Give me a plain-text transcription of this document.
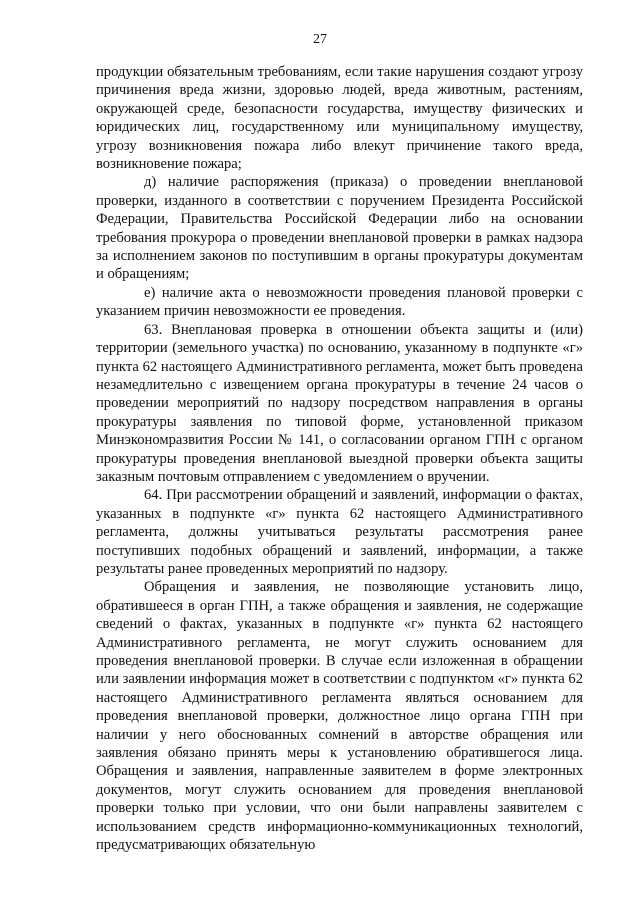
27

продукции обязательным требованиям, если такие нарушения создают угрозу причинения вреда жизни, здоровью людей, вреда животным, растениям, окружающей среде, безопасности государства, имуществу физических и юридических лиц, государственному или муниципальному имуществу, угрозу возникновения пожара либо влекут причинение такого вреда, возникновение пожара;

д) наличие распоряжения (приказа) о проведении внеплановой проверки, изданного в соответствии с поручением Президента Российской Федерации, Правительства Российской Федерации либо на основании требования прокурора о проведении внеплановой проверки в рамках надзора за исполнением законов по поступившим в органы прокуратуры документам и обращениям;

е) наличие акта о невозможности проведения плановой проверки с указанием причин невозможности ее проведения.

63. Внеплановая проверка в отношении объекта защиты и (или) территории (земельного участка) по основанию, указанному в подпункте «г» пункта 62 настоящего Административного регламента, может быть проведена незамедлительно с извещением органа прокуратуры в течение 24 часов о проведении мероприятий по надзору посредством направления в органы прокуратуры заявления по типовой форме, установленной приказом Минэкономразвития России № 141, о согласовании органом ГПН с органом прокуратуры проведения внеплановой выездной проверки объекта защиты заказным почтовым отправлением с уведомлением о вручении.

64. При рассмотрении обращений и заявлений, информации о фактах, указанных в подпункте «г» пункта 62 настоящего Административного регламента, должны учитываться результаты рассмотрения ранее поступивших подобных обращений и заявлений, информации, а также результаты ранее проведенных мероприятий по надзору.

Обращения и заявления, не позволяющие установить лицо, обратившееся в орган ГПН, а также обращения и заявления, не содержащие сведений о фактах, указанных в подпункте «г» пункта 62 настоящего Административного регламента, не могут служить основанием для проведения внеплановой проверки. В случае если изложенная в обращении или заявлении информация может в соответствии с подпунктом «г» пункта 62 настоящего Административного регламента являться основанием для проведения внеплановой проверки, должностное лицо органа ГПН при наличии у него обоснованных сомнений в авторстве обращения или заявления обязано принять меры к установлению обратившегося лица. Обращения и заявления, направленные заявителем в форме электронных документов, могут служить основанием для проведения внеплановой проверки только при условии, что они были направлены заявителем с использованием средств информационно-коммуникационных технологий, предусматривающих обязательную
